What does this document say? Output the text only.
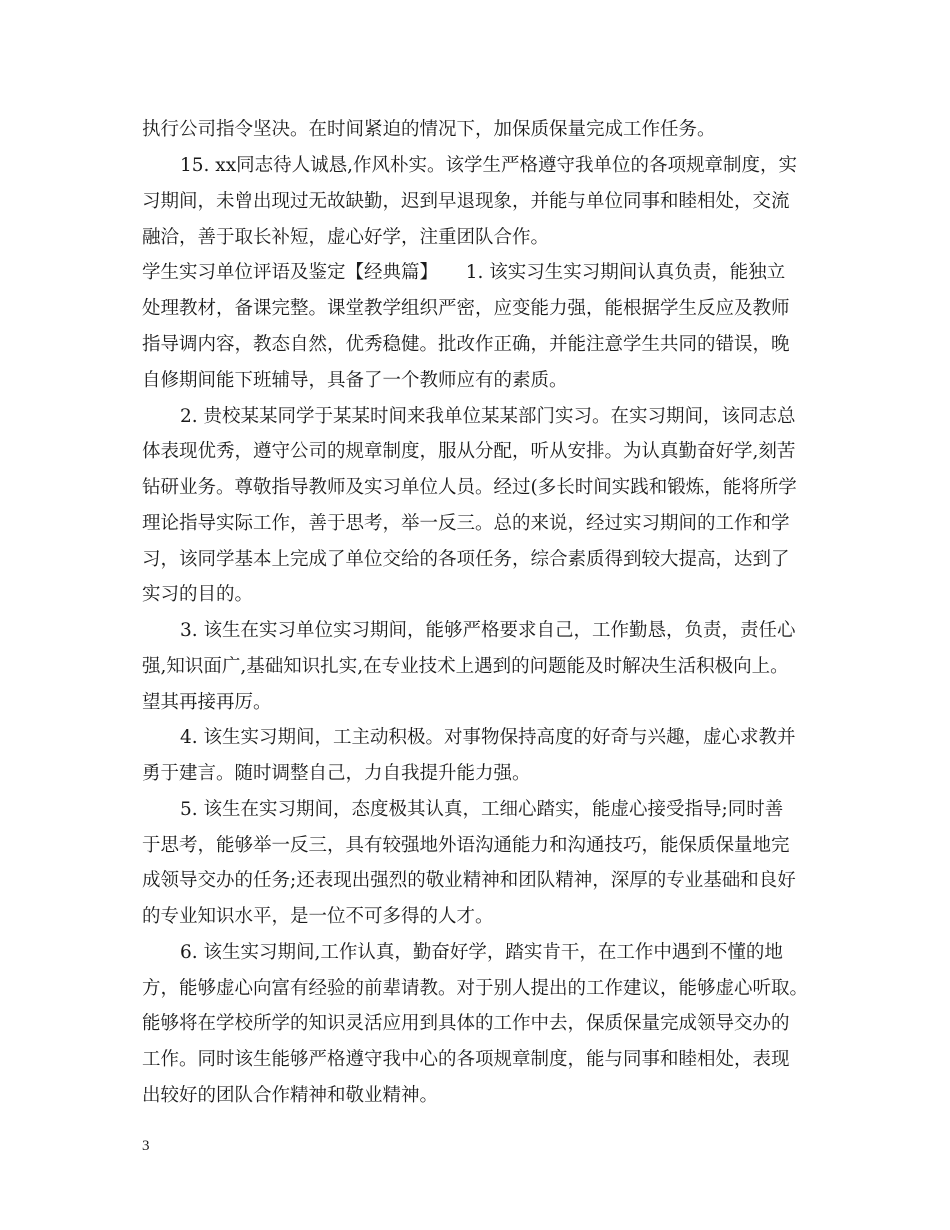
执行公司指令坚决。在时间紧迫的情况下，加保质保量完成工作任务。
15. xx同志待人诚恳,作风朴实。该学生严格遵守我单位的各项规章制度，实
习期间，未曾出现过无故缺勤，迟到早退现象，并能与单位同事和睦相处，交流
融洽，善于取长补短，虚心好学，注重团队合作。
学生实习单位评语及鉴定【经典篇】　　1. 该实习生实习期间认真负责，能独立
处理教材，备课完整。课堂教学组织严密，应变能力强，能根据学生反应及教师
指导调内容，教态自然，优秀稳健。批改作正确，并能注意学生共同的错误，晚
自修期间能下班辅导，具备了一个教师应有的素质。
2. 贵校某某同学于某某时间来我单位某某部门实习。在实习期间，该同志总
体表现优秀，遵守公司的规章制度，服从分配，听从安排。为认真勤奋好学,刻苦
钻研业务。尊敬指导教师及实习单位人员。经过(多长时间实践和锻炼，能将所学
理论指导实际工作，善于思考，举一反三。总的来说，经过实习期间的工作和学
习，该同学基本上完成了单位交给的各项任务，综合素质得到较大提高，达到了
实习的目的。
3. 该生在实习单位实习期间，能够严格要求自己，工作勤恳，负责，责任心
强,知识面广,基础知识扎实,在专业技术上遇到的问题能及时解决生活积极向上。
望其再接再厉。
4. 该生实习期间，工主动积极。对事物保持高度的好奇与兴趣，虚心求教并
勇于建言。随时调整自己，力自我提升能力强。
5. 该生在实习期间，态度极其认真，工细心踏实，能虚心接受指导;同时善
于思考，能够举一反三，具有较强地外语沟通能力和沟通技巧，能保质保量地完
成领导交办的任务;还表现出强烈的敬业精神和团队精神，深厚的专业基础和良好
的专业知识水平，是一位不可多得的人才。
6. 该生实习期间,工作认真，勤奋好学，踏实肯干，在工作中遇到不懂的地
方，能够虚心向富有经验的前辈请教。对于别人提出的工作建议，能够虚心听取。
能够将在学校所学的知识灵活应用到具体的工作中去，保质保量完成领导交办的
工作。同时该生能够严格遵守我中心的各项规章制度，能与同事和睦相处，表现
出较好的团队合作精神和敬业精神。
3
